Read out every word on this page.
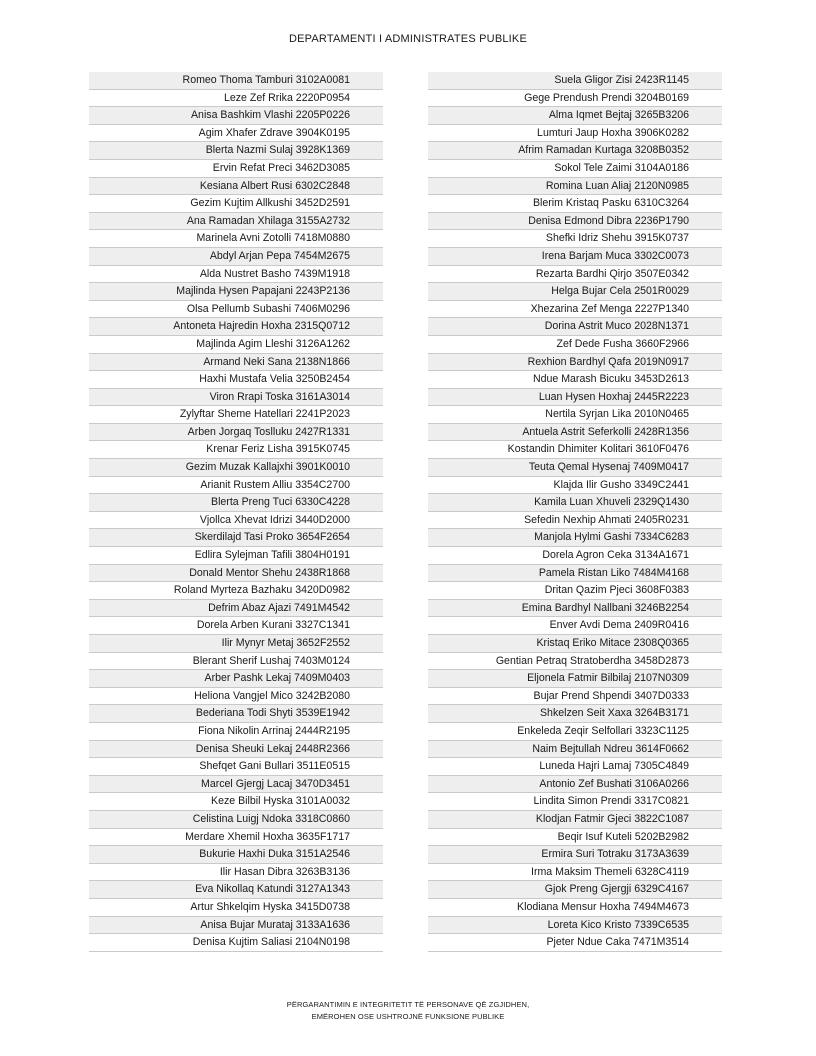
DEPARTAMENTI I ADMINISTRATES PUBLIKE
Romeo Thoma Tamburi 3102A0081
Leze Zef Rrika 2220P0954
Anisa Bashkim Vlashi 2205P0226
Agim Xhafer Zdrave 3904K0195
Blerta Nazmi Sulaj 3928K1369
Ervin Refat Preci 3462D3085
Kesiana Albert Rusi 6302C2848
Gezim Kujtim Allkushi 3452D2591
Ana Ramadan Xhilaga 3155A2732
Marinela Avni Zotolli 7418M0880
Abdyl Arjan Pepa 7454M2675
Alda Nustret Basho 7439M1918
Majlinda Hysen Papajani 2243P2136
Olsa Pellumb Subashi 7406M0296
Antoneta Hajredin Hoxha 2315Q0712
Majlinda Agim Lleshi 3126A1262
Armand Neki Sana 2138N1866
Haxhi Mustafa Velia 3250B2454
Viron Rrapi Toska 3161A3014
Zylyftar Sheme Hatellari 2241P2023
Arben Jorgaq Toslluku 2427R1331
Krenar Feriz Lisha 3915K0745
Gezim Muzak Kallajxhi 3901K0010
Arianit Rustem Alliu 3354C2700
Blerta Preng Tuci 6330C4228
Vjollca Xhevat Idrizi 3440D2000
Skerdilajd Tasi Proko 3654F2654
Edlira Sylejman Tafili 3804H0191
Donald Mentor Shehu 2438R1868
Roland Myrteza Bazhaku 3420D0982
Defrim Abaz Ajazi 7491M4542
Dorela Arben Kurani 3327C1341
Ilir Mynyr Metaj 3652F2552
Blerant Sherif Lushaj 7403M0124
Arber Pashk Lekaj 7409M0403
Heliona Vangjel Mico 3242B2080
Bederiana Todi Shyti 3539E1942
Fiona Nikolin Arrinaj 2444R2195
Denisa Sheuki Lekaj 2448R2366
Shefqet Gani Bullari 3511E0515
Marcel Gjergj Lacaj 3470D3451
Keze Bilbil Hyska 3101A0032
Celistina Luigj Ndoka 3318C0860
Merdare Xhemil Hoxha 3635F1717
Bukurie Haxhi Duka 3151A2546
Ilir Hasan Dibra 3263B3136
Eva Nikollaq Katundi 3127A1343
Artur Shkelqim Hyska 3415D0738
Anisa Bujar Murataj 3133A1636
Denisa Kujtim Saliasi 2104N0198
Suela Gligor Zisi 2423R1145
Gege Prendush Prendi 3204B0169
Alma Iqmet Bejtaj 3265B3206
Lumturi Jaup Hoxha 3906K0282
Afrim Ramadan Kurtaga 3208B0352
Sokol Tele Zaimi 3104A0186
Romina Luan Aliaj 2120N0985
Blerim Kristaq Pasku 6310C3264
Denisa Edmond Dibra 2236P1790
Shefki Idriz Shehu 3915K0737
Irena Barjam Muca 3302C0073
Rezarta Bardhi Qirjo 3507E0342
Helga Bujar Cela 2501R0029
Xhezarina Zef Menga 2227P1340
Dorina Astrit Muco 2028N1371
Zef Dede Fusha 3660F2966
Rexhion Bardhyl Qafa 2019N0917
Ndue Marash Bicuku 3453D2613
Luan Hysen Hoxhaj 2445R2223
Nertila Syrjan Lika 2010N0465
Antuela Astrit Seferkolli 2428R1356
Kostandin Dhimiter Kolitari 3610F0476
Teuta Qemal Hysenaj 7409M0417
Klajda Ilir Gusho 3349C2441
Kamila Luan Xhuveli 2329Q1430
Sefedin Nexhip Ahmati 2405R0231
Manjola Hylmi Gashi 7334C6283
Dorela Agron Ceka 3134A1671
Pamela Ristan Liko 7484M4168
Dritan Qazim Pjeci 3608F0383
Emina Bardhyl Nallbani 3246B2254
Enver Avdi Dema 2409R0416
Kristaq Eriko Mitace 2308Q0365
Gentian Petraq Stratoberdha 3458D2873
Eljonela Fatmir Bilbilaj 2107N0309
Bujar Prend Shpendi 3407D0333
Shkelzen Seit Xaxa 3264B3171
Enkeleda Zeqir Selfollari 3323C1125
Naim Bejtullah Ndreu 3614F0662
Luneda Hajri Lamaj 7305C4849
Antonio Zef Bushati 3106A0266
Lindita Simon Prendi 3317C0821
Klodjan Fatmir Gjeci 3822C1087
Beqir Isuf Kuteli 5202B2982
Ermira Suri Totraku 3173A3639
Irma Maksim Themeli 6328C4119
Gjok Preng Gjergji 6329C4167
Klodiana Mensur Hoxha 7494M4673
Loreta Kico Kristo 7339C6535
Pjeter Ndue Caka 7471M3514
PËRGARANTIMIN E INTEGRITETIT TË PERSONAVE QË ZGJIDHEN,
EMËROHEN OSE USHTROJNË FUNKSIONE PUBLIKE
